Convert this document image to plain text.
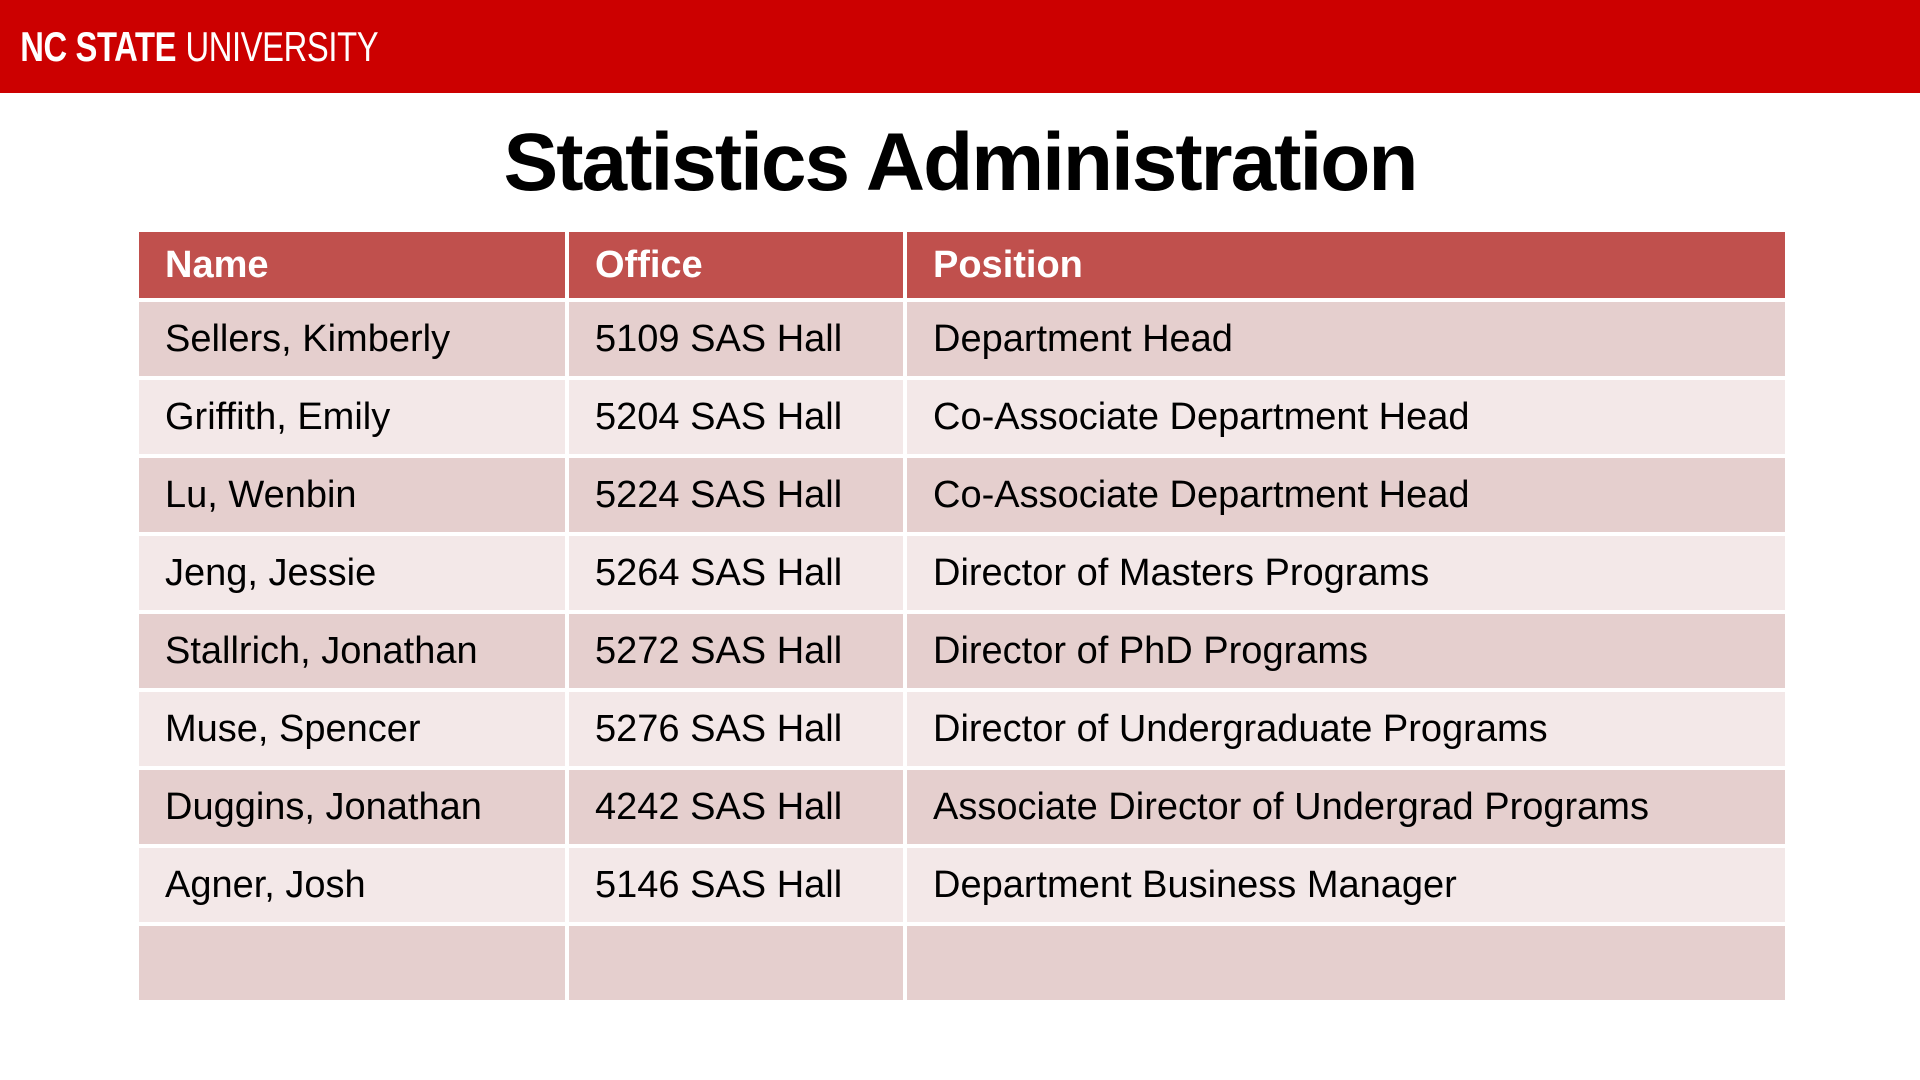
NC STATE UNIVERSITY
Statistics Administration
Name	Office	Position
Sellers, Kimberly	5109 SAS Hall	Department Head
Griffith, Emily	5204 SAS Hall	Co-Associate Department Head
Lu, Wenbin	5224 SAS Hall	Co-Associate Department Head
Jeng, Jessie	5264 SAS Hall	Director of Masters Programs
Stallrich, Jonathan	5272 SAS Hall	Director of PhD Programs
Muse, Spencer	5276 SAS Hall	Director of Undergraduate Programs
Duggins, Jonathan	4242 SAS Hall	Associate Director of Undergrad Programs
Agner, Josh	5146 SAS Hall	Department Business Manager
